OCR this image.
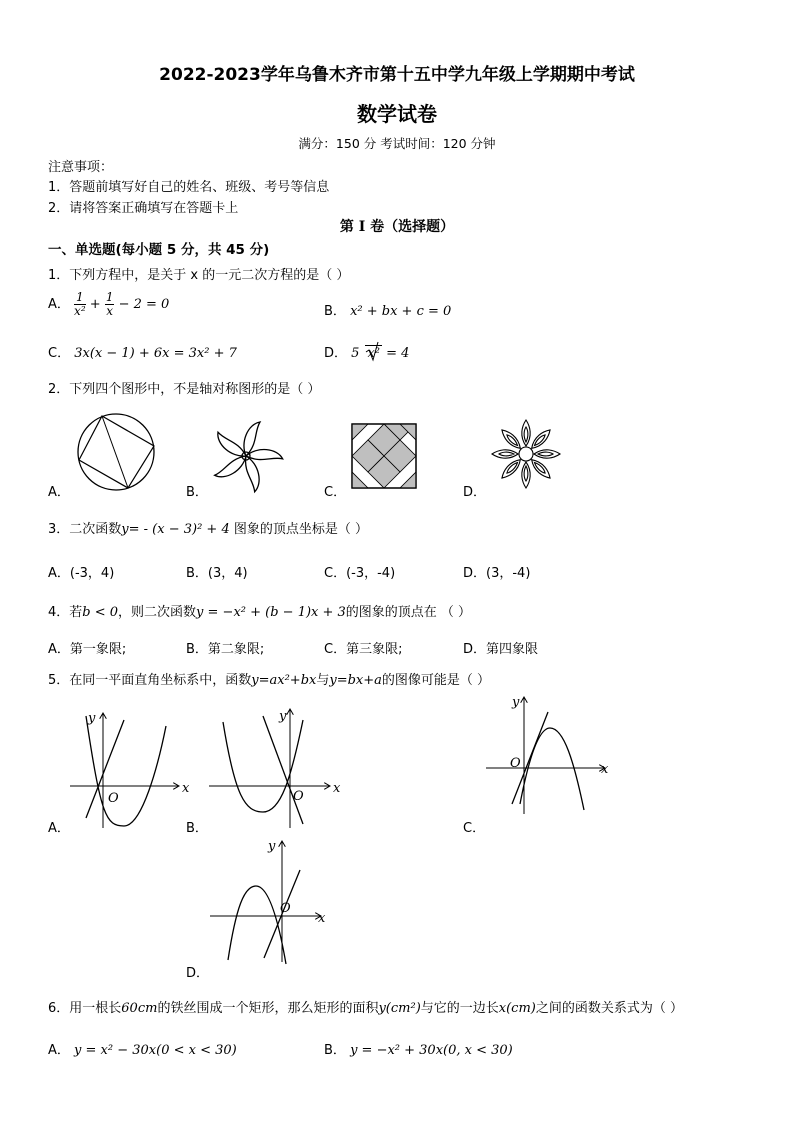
2022-2023学年乌鲁木齐市第十五中学九年级上学期期中考试
数学试卷
满分：150 分 考试时间：120 分钟
注意事项：
1．答题前填写好自己的姓名、班级、考号等信息
2．请将答案正确填写在答题卡上
第 I 卷（选择题）
一、单选题(每小题 5 分，共 45 分)
1．下列方程中，是关于 x 的一元二次方程的是（ ）
A． $\frac{1}{\text{x²}} + \frac{1}{x} - 2 = 0$	B． x² + bx + c = 0
C． 3x(x − 1) + 6x = 3x² + 7	D． 5 x² = 4
2．下列四个图形中，不是轴对称图形的是（ ）
A．	B．	C．	D．
3．二次函数y= - (x − 3)² + 4 图象的顶点坐标是（ ）
A．(-3，4)	B．(3，4)	C．(-3，-4)	D．(3，-4)
4．若b < 0，则二次函数y = −x² + (b − 1)x + 3的图象的顶点在 （ ）
A．第一象限;	B．第二象限;	C．第三象限;	D．第四象限
5．在同一平面直角坐标系中，函数y=ax²+bx与y=bx+a的图像可能是（ ）
x
y
O
A．
x
y
O
B．
x
y
O
C．
x
y
O
D．
6．用一根长60cm的铁丝围成一个矩形，那么矩形的面积y(cm²)与它的一边长x(cm)之间的函数关系式为（ ）
A． y = x² − 30x(0 < x < 30)	B． y = −x² + 30x(0, x < 30)
